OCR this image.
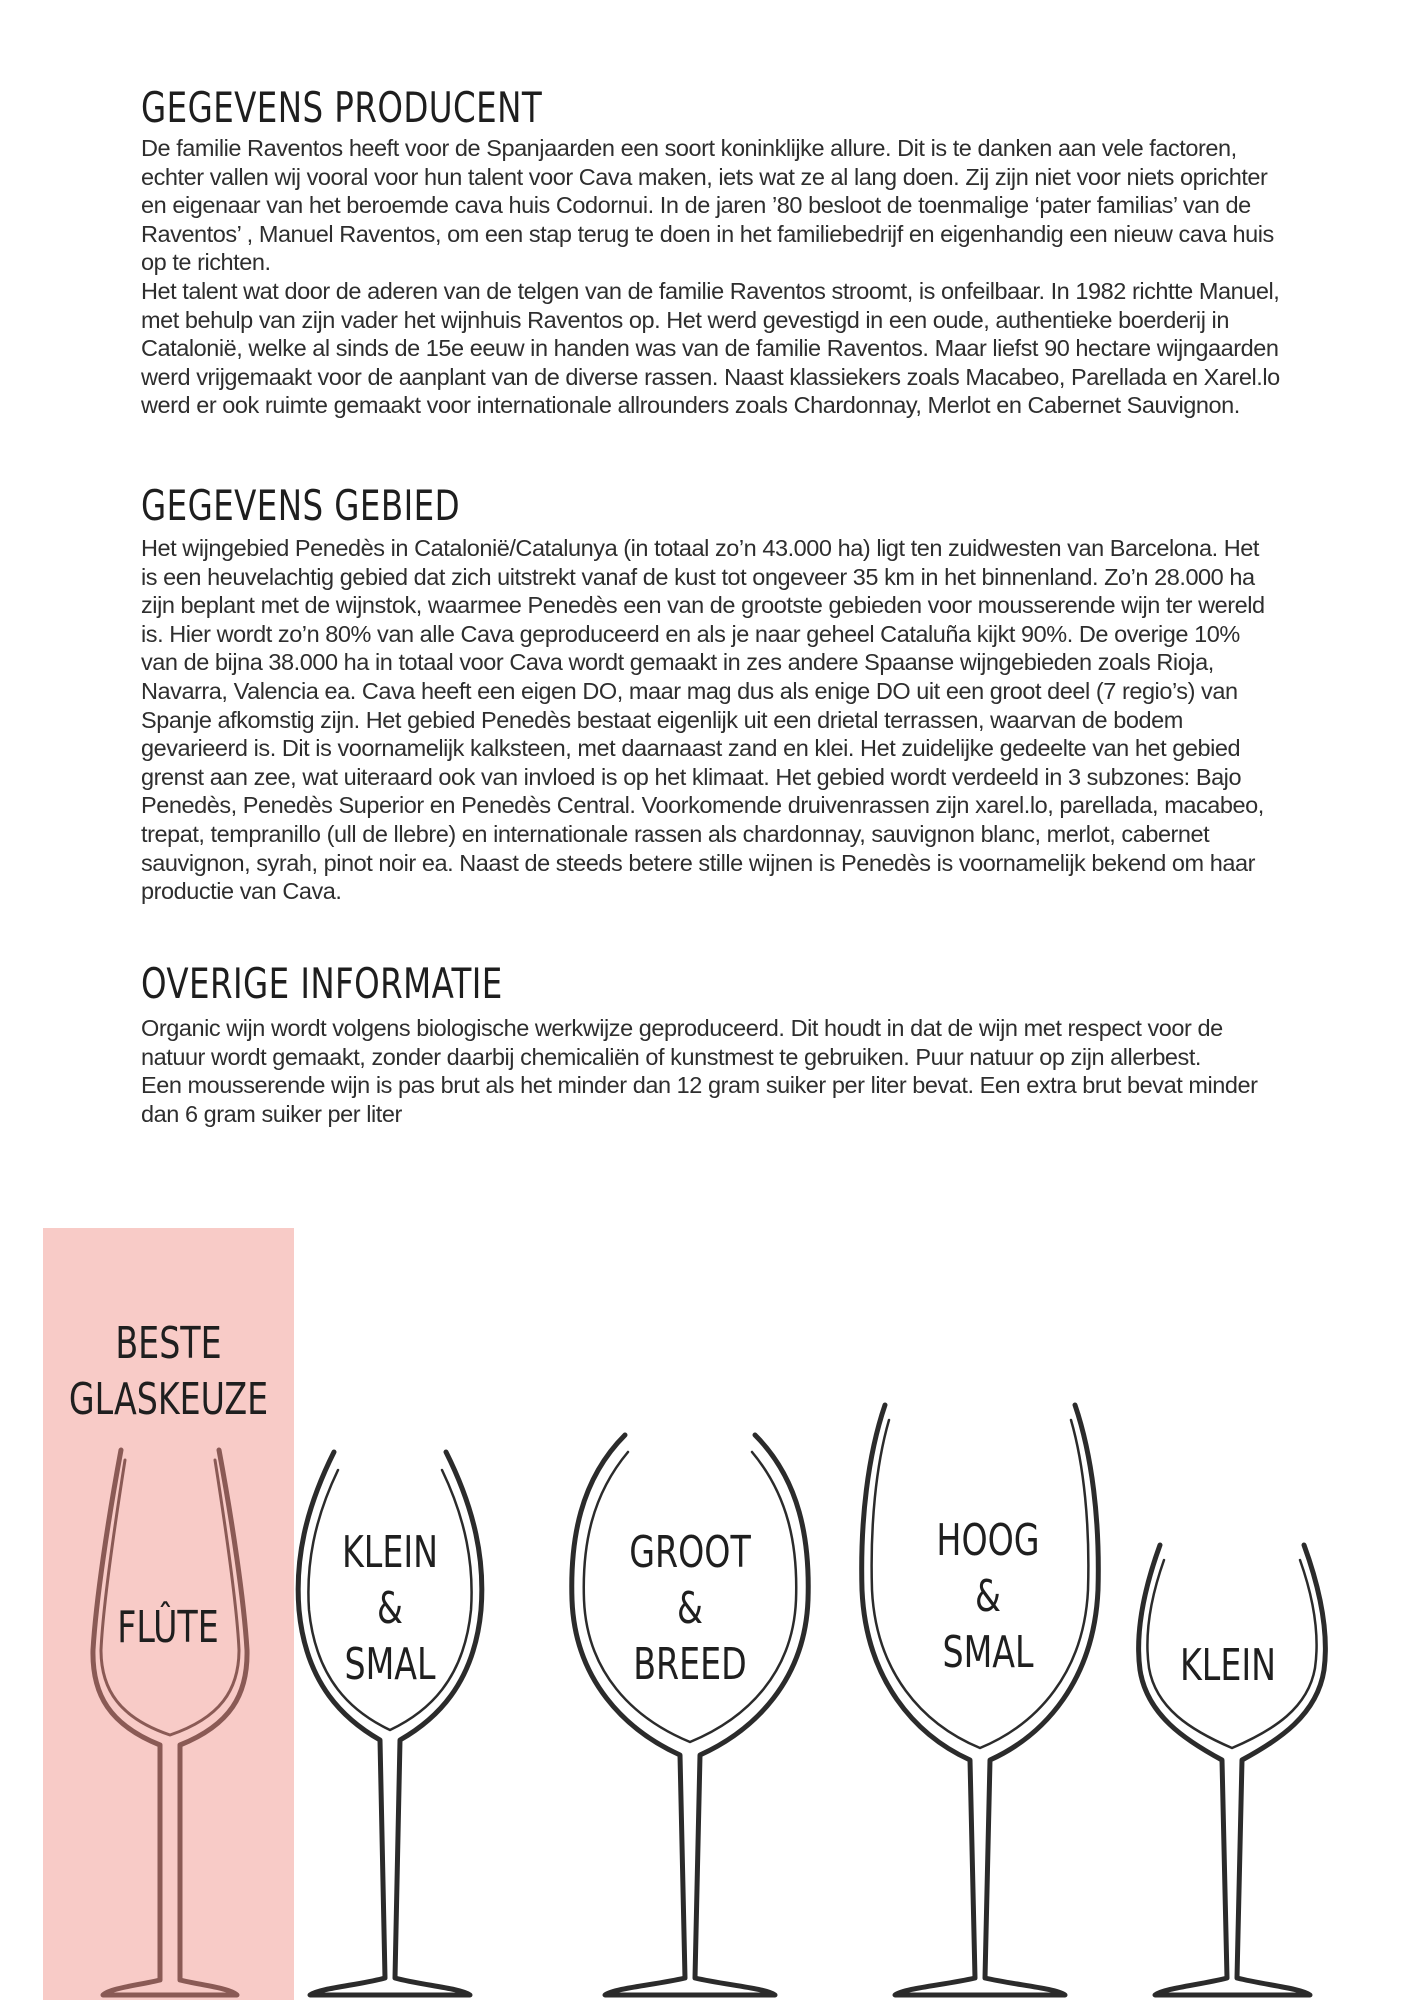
GEGEVENS PRODUCENT

De familie Raventos heeft voor de Spanjaarden een soort koninklijke allure. Dit is te danken aan vele factoren, echter vallen wij vooral voor hun talent voor Cava maken, iets wat ze al lang doen. Zij zijn niet voor niets oprichter en eigenaar van het beroemde cava huis Codornui. In de jaren ’80 besloot de toenmalige ‘pater familias’ van de Raventos’ , Manuel Raventos, om een stap terug te doen in het familiebedrijf en eigenhandig een nieuw cava huis op te richten.

Het talent wat door de aderen van de telgen van de familie Raventos stroomt, is onfeilbaar. In 1982 richtte Manuel, met behulp van zijn vader het wijnhuis Raventos op. Het werd gevestigd in een oude, authentieke boerderij in Catalonië, welke al sinds de 15e eeuw in handen was van de familie Raventos. Maar liefst 90 hectare wijngaarden werd vrijgemaakt voor de aanplant van de diverse rassen. Naast klassiekers zoals Macabeo, Parellada en Xarel.lo werd er ook ruimte gemaakt voor internationale allrounders zoals Chardonnay, Merlot en Cabernet Sauvignon.

GEGEVENS GEBIED

Het wijngebied Penedès in Catalonië/Catalunya (in totaal zo’n 43.000 ha) ligt ten zuidwesten van Barcelona. Het is een heuvelachtig gebied dat zich uitstrekt vanaf de kust tot ongeveer 35 km in het binnenland. Zo’n 28.000 ha zijn beplant met de wijnstok, waarmee Penedès een van de grootste gebieden voor mousserende wijn ter wereld is. Hier wordt zo’n 80% van alle Cava geproduceerd en als je naar geheel Cataluña kijkt 90%. De overige 10% van de bijna 38.000 ha in totaal voor Cava wordt gemaakt in zes andere Spaanse wijngebieden zoals Rioja, Navarra, Valencia ea. Cava heeft een eigen DO, maar mag dus als enige DO uit een groot deel (7 regio’s) van Spanje afkomstig zijn. Het gebied Penedès bestaat eigenlijk uit een drietal terrassen, waarvan de bodem gevarieerd is. Dit is voornamelijk kalksteen, met daarnaast zand en klei. Het zuidelijke gedeelte van het gebied grenst aan zee, wat uiteraard ook van invloed is op het klimaat. Het gebied wordt verdeeld in 3 subzones: Bajo Penedès, Penedès Superior en Penedès Central. Voorkomende druivenrassen zijn xarel.lo, parellada, macabeo, trepat, tempranillo (ull de llebre) en internationale rassen als chardonnay, sauvignon blanc, merlot, cabernet sauvignon, syrah, pinot noir ea. Naast de steeds betere stille wijnen is Penedès is voornamelijk bekend om haar productie van Cava.

OVERIGE INFORMATIE

Organic wijn wordt volgens biologische werkwijze geproduceerd. Dit houdt in dat de wijn met respect voor de natuur wordt gemaakt, zonder daarbij chemicaliën of kunstmest te gebruiken. Puur natuur op zijn allerbest.

Een mousserende wijn is pas brut als het minder dan 12 gram suiker per liter bevat. Een extra brut bevat minder dan 6 gram suiker per liter

BESTE
GLASKEUZE
FLÛTE
KLEIN
&
SMAL
GROOT
&
BREED
HOOG
&
SMAL	KLEIN
